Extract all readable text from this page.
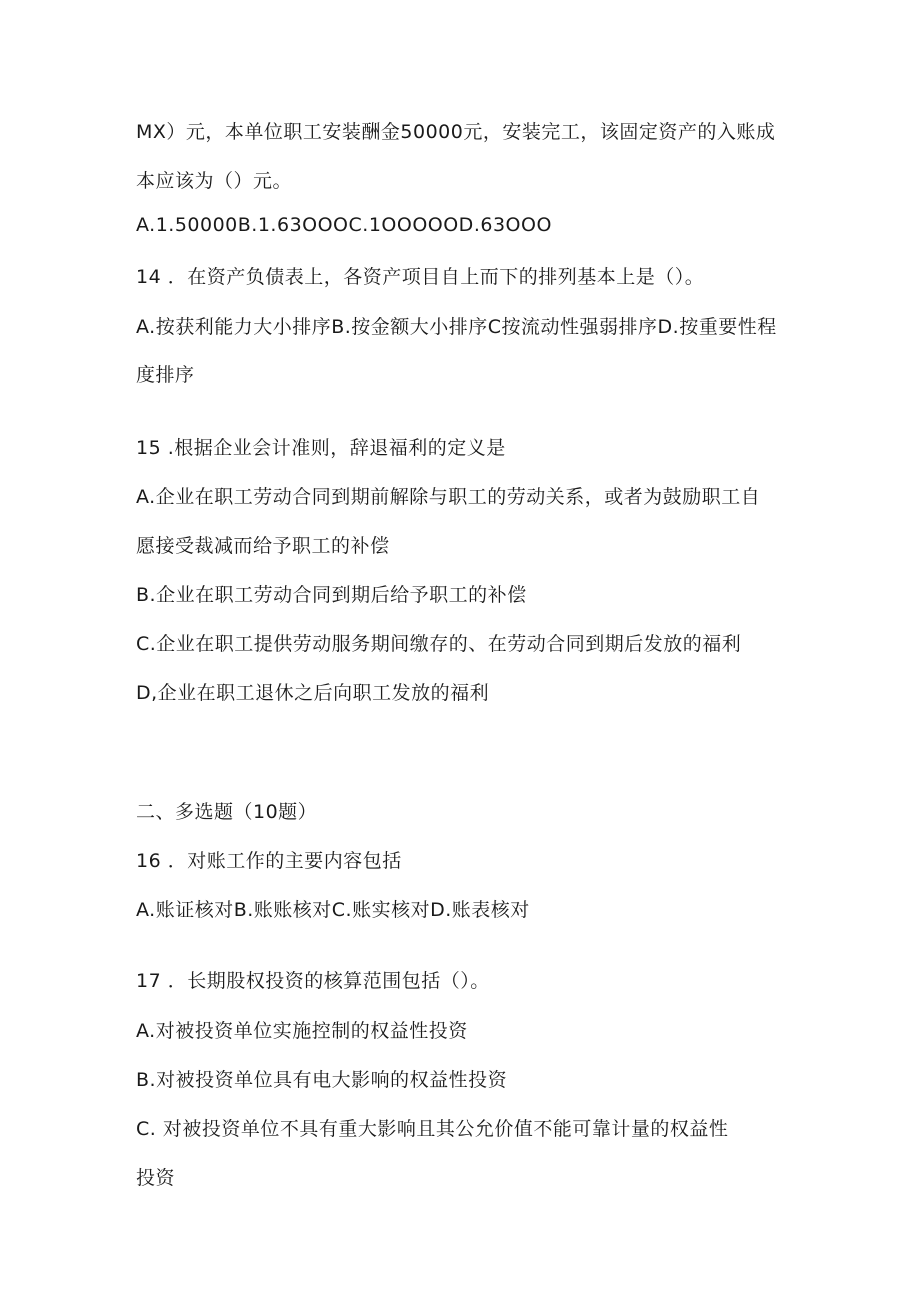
MX）元，本单位职工安装酬金50000元，安装完工，该固定资产的入账成
本应该为（）元。
A.1.50000B.1.63OOOC.1OOOOOD.63OOO
14 ．在资产负债表上，各资产项目自上而下的排列基本上是（）。
A.按获利能力大小排序B.按金额大小排序C按流动性强弱排序D.按重要性程
度排序
15 .根据企业会计准则，辞退福利的定义是
A.企业在职工劳动合同到期前解除与职工的劳动关系，或者为鼓励职工自
愿接受裁减而给予职工的补偿
B.企业在职工劳动合同到期后给予职工的补偿
C.企业在职工提供劳动服务期间缴存的、在劳动合同到期后发放的福利
D,企业在职工退休之后向职工发放的福利
二、多选题（10题）
16 ．对账工作的主要内容包括
A.账证核对B.账账核对C.账实核对D.账表核对
17 ．长期股权投资的核算范围包括（）。
A.对被投资单位实施控制的权益性投资
B.对被投资单位具有电大影响的权益性投资
C. 对被投资单位不具有重大影响且其公允价值不能可靠计量的权益性
投资
